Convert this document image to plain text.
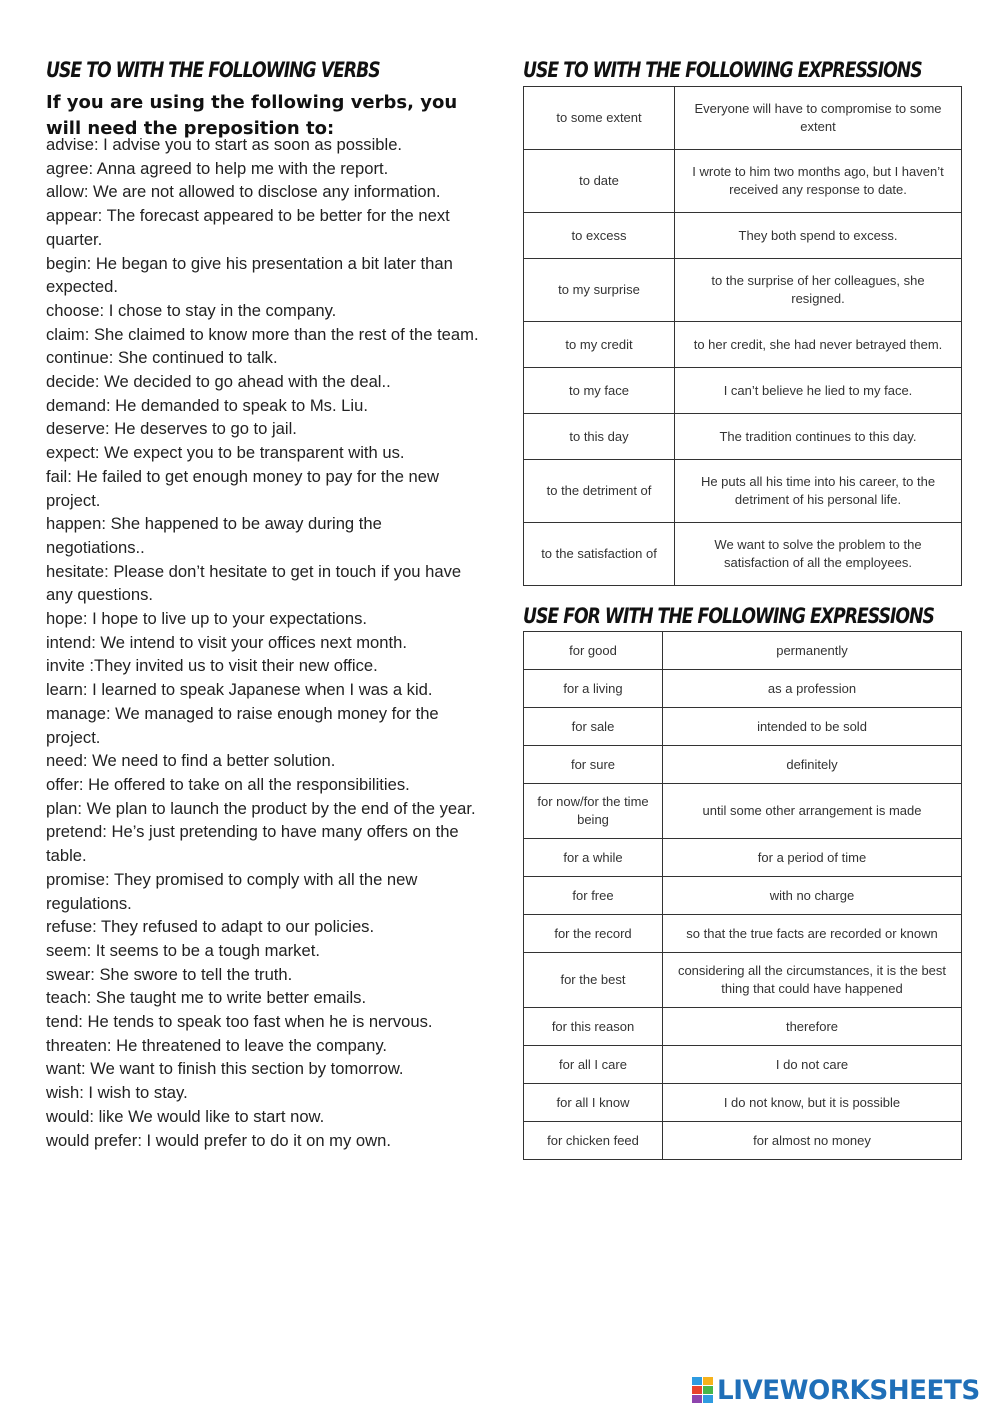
USE TO WITH THE FOLLOWING VERBS
If you are using the following verbs, you will need the preposition to:

advise: I advise you to start as soon as possible.

agree: Anna agreed to help me with the report.

allow: We are not allowed to disclose any information.

appear: The forecast appeared to be better for the next

quarter.

begin: He began to give his presentation a bit later than

expected.

choose: I chose to stay in the company.

claim: She claimed to know more than the rest of the team.

continue: She continued to talk.

decide: We decided to go ahead with the deal..

demand: He demanded to speak to Ms. Liu.

deserve: He deserves to go to jail.

expect: We expect you to be transparent with us.

fail: He failed to get enough money to pay for the new

project.

happen: She happened to be away during the

negotiations..

hesitate: Please don’t hesitate to get in touch if you have

any questions.

hope: I hope to live up to your expectations.

intend: We intend to visit your offices next month.

invite :They invited us to visit their new office.

learn: I learned to speak Japanese when I was a kid.

manage: We managed to raise enough money for the

project.

need: We need to find a better solution.

offer: He offered to take on all the responsibilities.

plan: We plan to launch the product by the end of the year.

pretend: He’s just pretending to have many offers on the

table.

promise: They promised to comply with all the new

regulations.

refuse: They refused to adapt to our policies.

seem: It seems to be a tough market.

swear: She swore to tell the truth.

teach: She taught me to write better emails.

tend: He tends to speak too fast when he is nervous.

threaten: He threatened to leave the company.

want: We want to finish this section by tomorrow.

wish: I wish to stay.

would: like We would like to start now.

would prefer: I would prefer to do it on my own.

USE TO WITH THE FOLLOWING EXPRESSIONS
to some extent	Everyone will have to compromise to some extent
to date	I wrote to him two months ago, but I haven’t received any response to date.
to excess	They both spend to excess.
to my surprise	to the surprise of her colleagues, she resigned.
to my credit	to her credit, she had never betrayed them.
to my face	I can’t believe he lied to my face.
to this day	The tradition continues to this day.
to the detriment of	He puts all his time into his career, to the detriment of his personal life.
to the satisfaction of	We want to solve the problem to the satisfaction of all the employees.
USE FOR WITH THE FOLLOWING EXPRESSIONS
for good	permanently
for a living	as a profession
for sale	intended to be sold
for sure	definitely
for now/for the time being	until some other arrangement is made
for a while	for a period of time
for free	with no charge
for the record	so that the true facts are recorded or known
for the best	considering all the circumstances, it is the best thing that could have happened
for this reason	therefore
for all I care	I do not care
for all I know	I do not know, but it is possible
for chicken feed	for almost no money
LIVEWORKSHEETS
